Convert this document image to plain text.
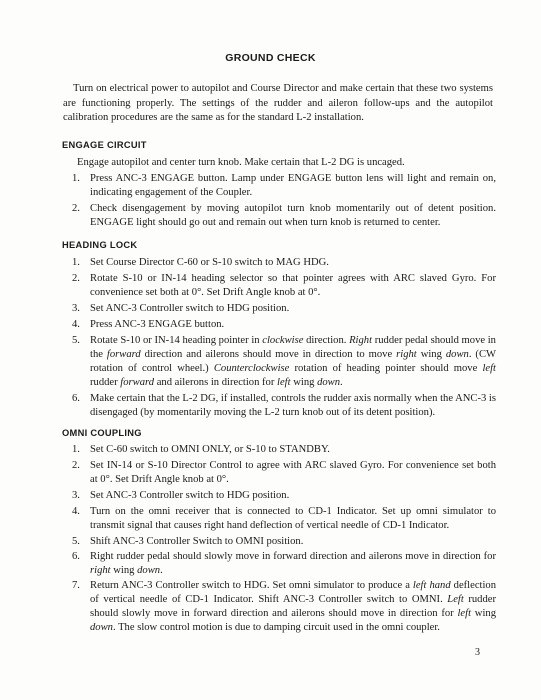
GROUND CHECK
Turn on electrical power to autopilot and Course Director and make certain that these two systems are functioning properly. The settings of the rudder and aileron follow-ups and the autopilot calibration procedures are the same as for the standard L-2 installation.
ENGAGE CIRCUIT
Engage autopilot and center turn knob. Make certain that L-2 DG is uncaged.
1. Press ANC-3 ENGAGE button. Lamp under ENGAGE button lens will light and remain on, indicating engagement of the Coupler.
2. Check disengagement by moving autopilot turn knob momentarily out of detent position. ENGAGE light should go out and remain out when turn knob is returned to center.
HEADING LOCK
1. Set Course Director C-60 or S-10 switch to MAG HDG.
2. Rotate S-10 or IN-14 heading selector so that pointer agrees with ARC slaved Gyro. For convenience set both at 0°. Set Drift Angle knob at 0°.
3. Set ANC-3 Controller switch to HDG position.
4. Press ANC-3 ENGAGE button.
5. Rotate S-10 or IN-14 heading pointer in clockwise direction. Right rudder pedal should move in the forward direction and ailerons should move in direction to move right wing down. (CW rotation of control wheel.) Counterclockwise rotation of heading pointer should move left rudder forward and ailerons in direction for left wing down.
6. Make certain that the L-2 DG, if installed, controls the rudder axis normally when the ANC-3 is disengaged (by momentarily moving the L-2 turn knob out of its detent position).
OMNI COUPLING
1. Set C-60 switch to OMNI ONLY, or S-10 to STANDBY.
2. Set IN-14 or S-10 Director Control to agree with ARC slaved Gyro. For convenience set both at 0°. Set Drift Angle knob at 0°.
3. Set ANC-3 Controller switch to HDG position.
4. Turn on the omni receiver that is connected to CD-1 Indicator. Set up omni simulator to transmit signal that causes right hand deflection of vertical needle of CD-1 Indicator.
5. Shift ANC-3 Controller Switch to OMNI position.
6. Right rudder pedal should slowly move in forward direction and ailerons move in direction for right wing down.
7. Return ANC-3 Controller switch to HDG. Set omni simulator to produce a left hand deflection of vertical needle of CD-1 Indicator. Shift ANC-3 Controller switch to OMNI. Left rudder should slowly move in forward direction and ailerons should move in direction for left wing down. The slow control motion is due to damping circuit used in the omni coupler.
3
